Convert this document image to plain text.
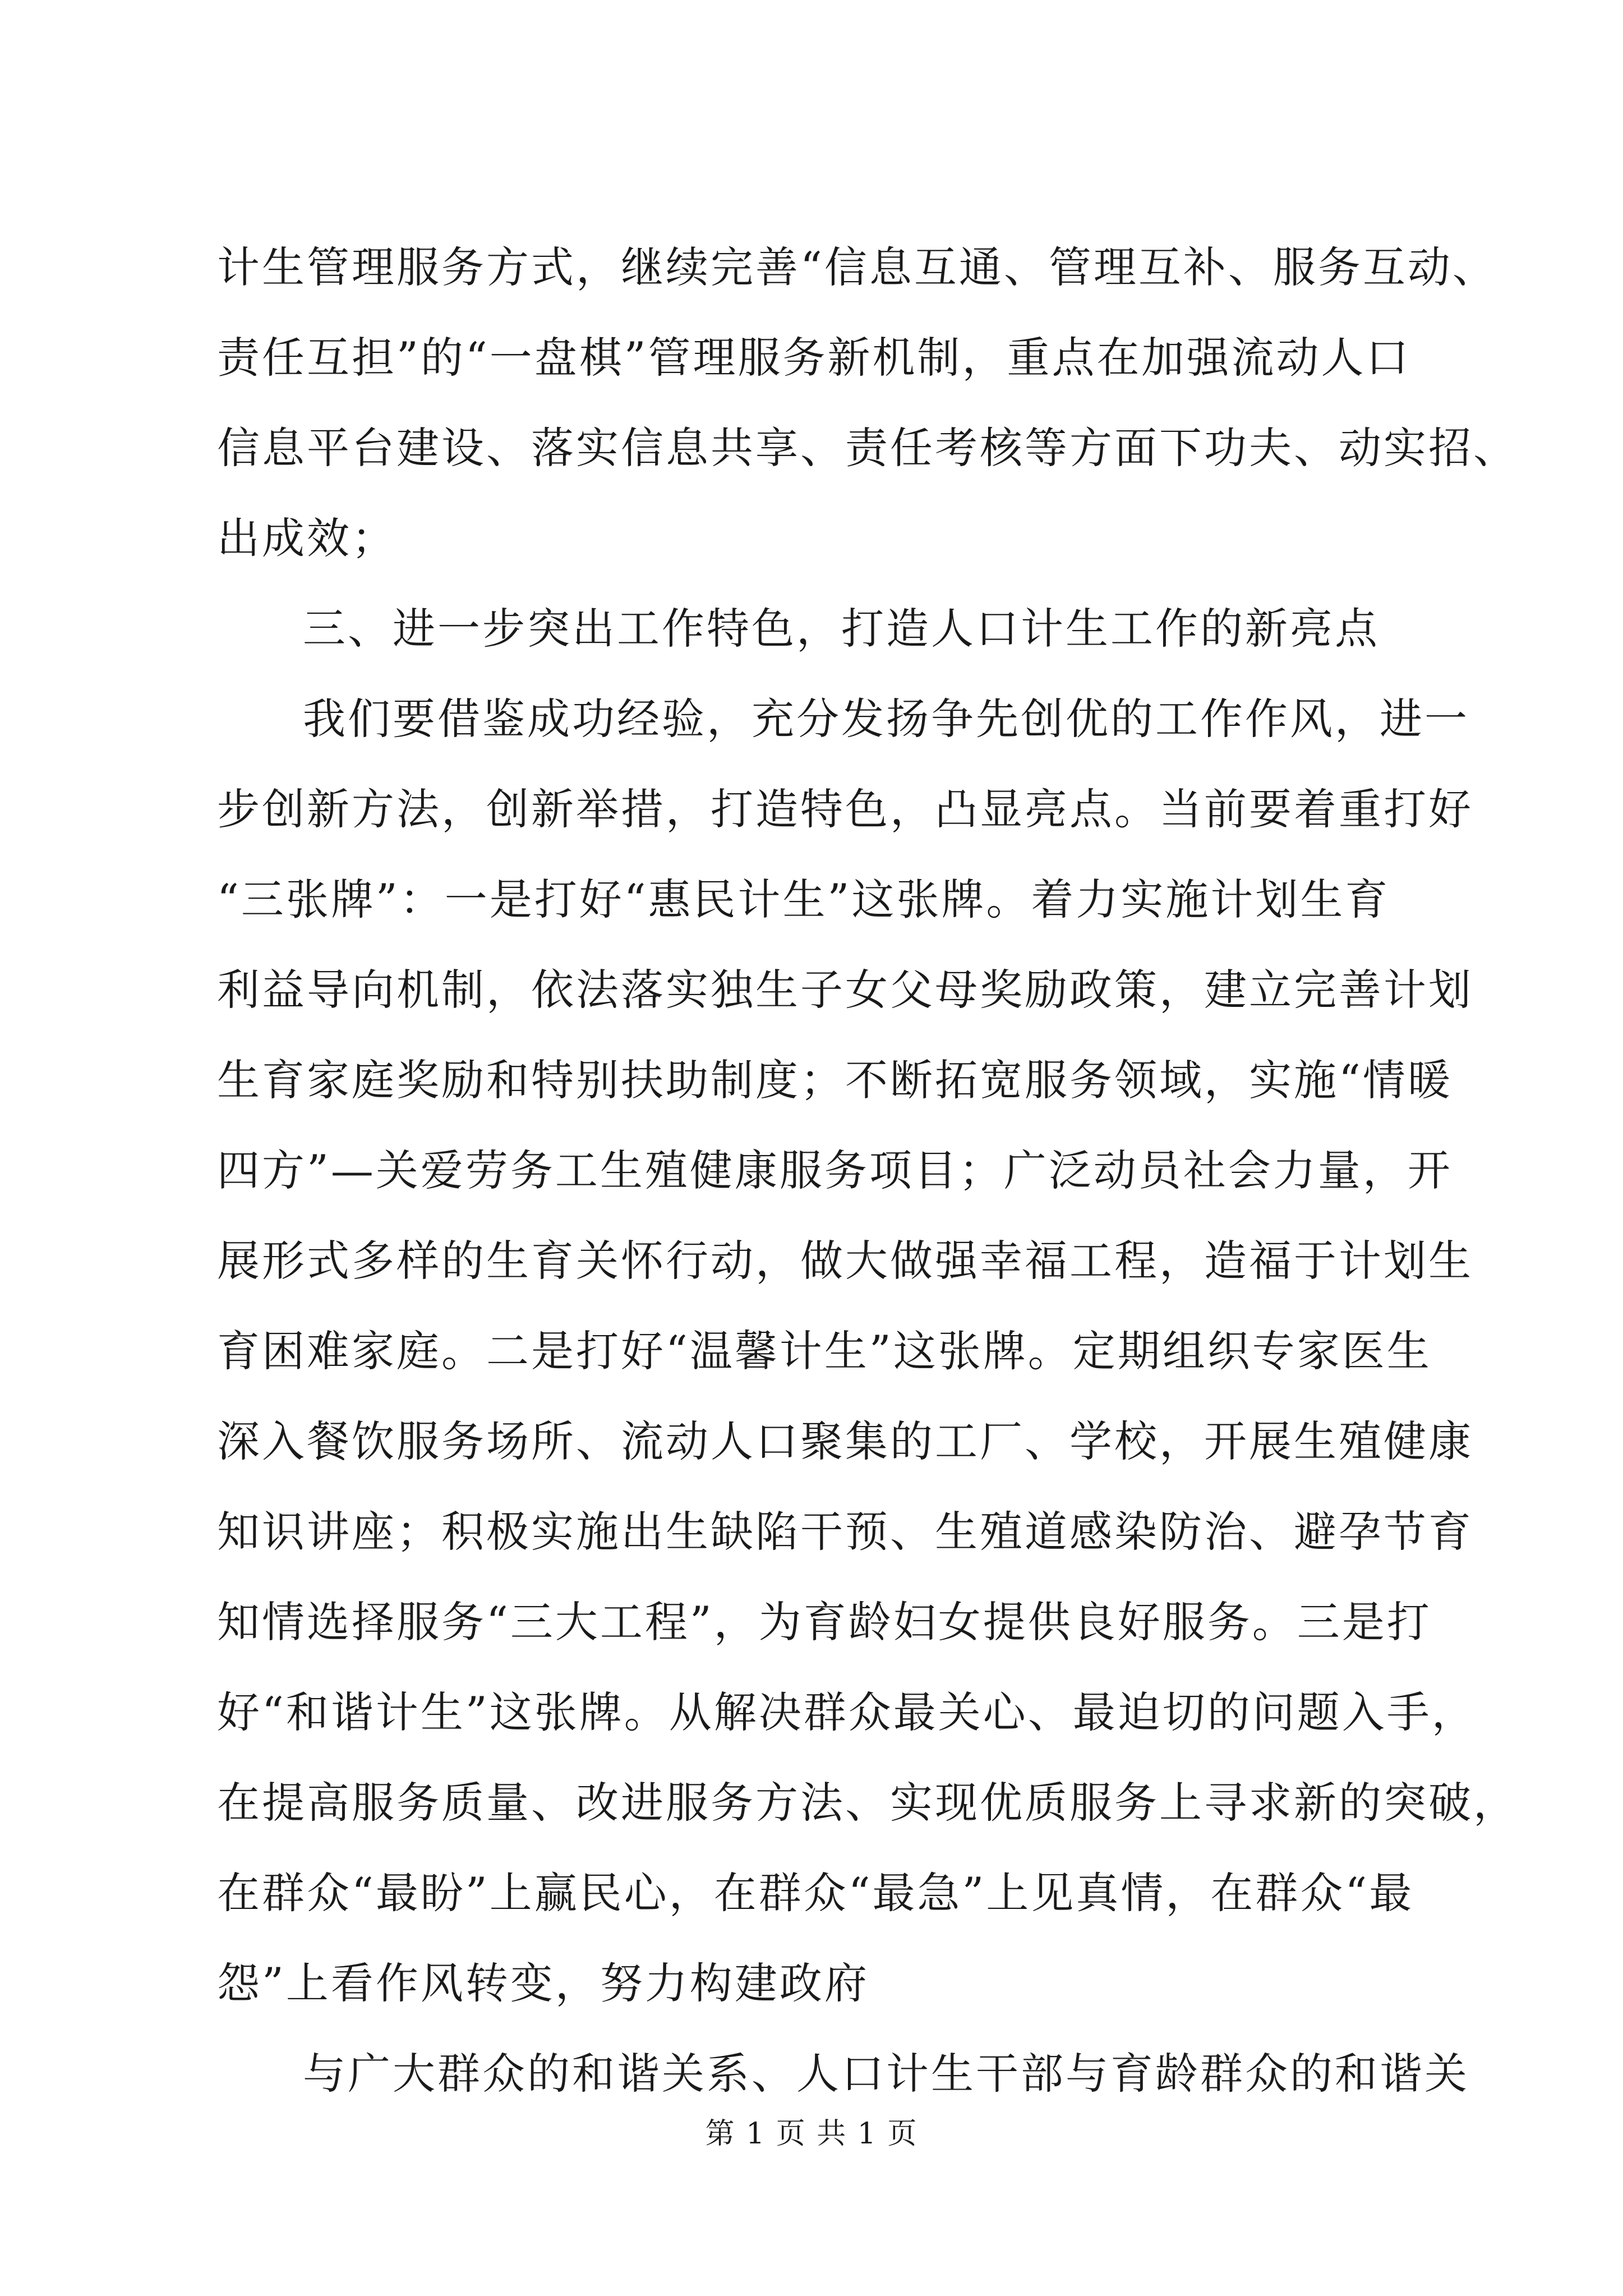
计生管理服务方式，继续完善“信息互通、管理互补、服务互动、
责任互担”的“一盘棋”管理服务新机制，重点在加强流动人口
信息平台建设、落实信息共享、责任考核等方面下功夫、动实招、
出成效；
三、进一步突出工作特色，打造人口计生工作的新亮点
我们要借鉴成功经验，充分发扬争先创优的工作作风，进一
步创新方法，创新举措，打造特色，凸显亮点。当前要着重打好
“三张牌”：一是打好“惠民计生”这张牌。着力实施计划生育
利益导向机制，依法落实独生子女父母奖励政策，建立完善计划
生育家庭奖励和特别扶助制度；不断拓宽服务领域，实施“情暖
四方”—关爱劳务工生殖健康服务项目；广泛动员社会力量，开
展形式多样的生育关怀行动，做大做强幸福工程，造福于计划生
育困难家庭。二是打好“温馨计生”这张牌。定期组织专家医生
深入餐饮服务场所、流动人口聚集的工厂、学校，开展生殖健康
知识讲座；积极实施出生缺陷干预、生殖道感染防治、避孕节育
知情选择服务“三大工程”，为育龄妇女提供良好服务。三是打
好“和谐计生”这张牌。从解决群众最关心、最迫切的问题入手，
在提高服务质量、改进服务方法、实现优质服务上寻求新的突破，
在群众“最盼”上赢民心，在群众“最急”上见真情，在群众“最
怨”上看作风转变，努力构建政府
与广大群众的和谐关系、人口计生干部与育龄群众的和谐关
第 1 页 共 1 页
